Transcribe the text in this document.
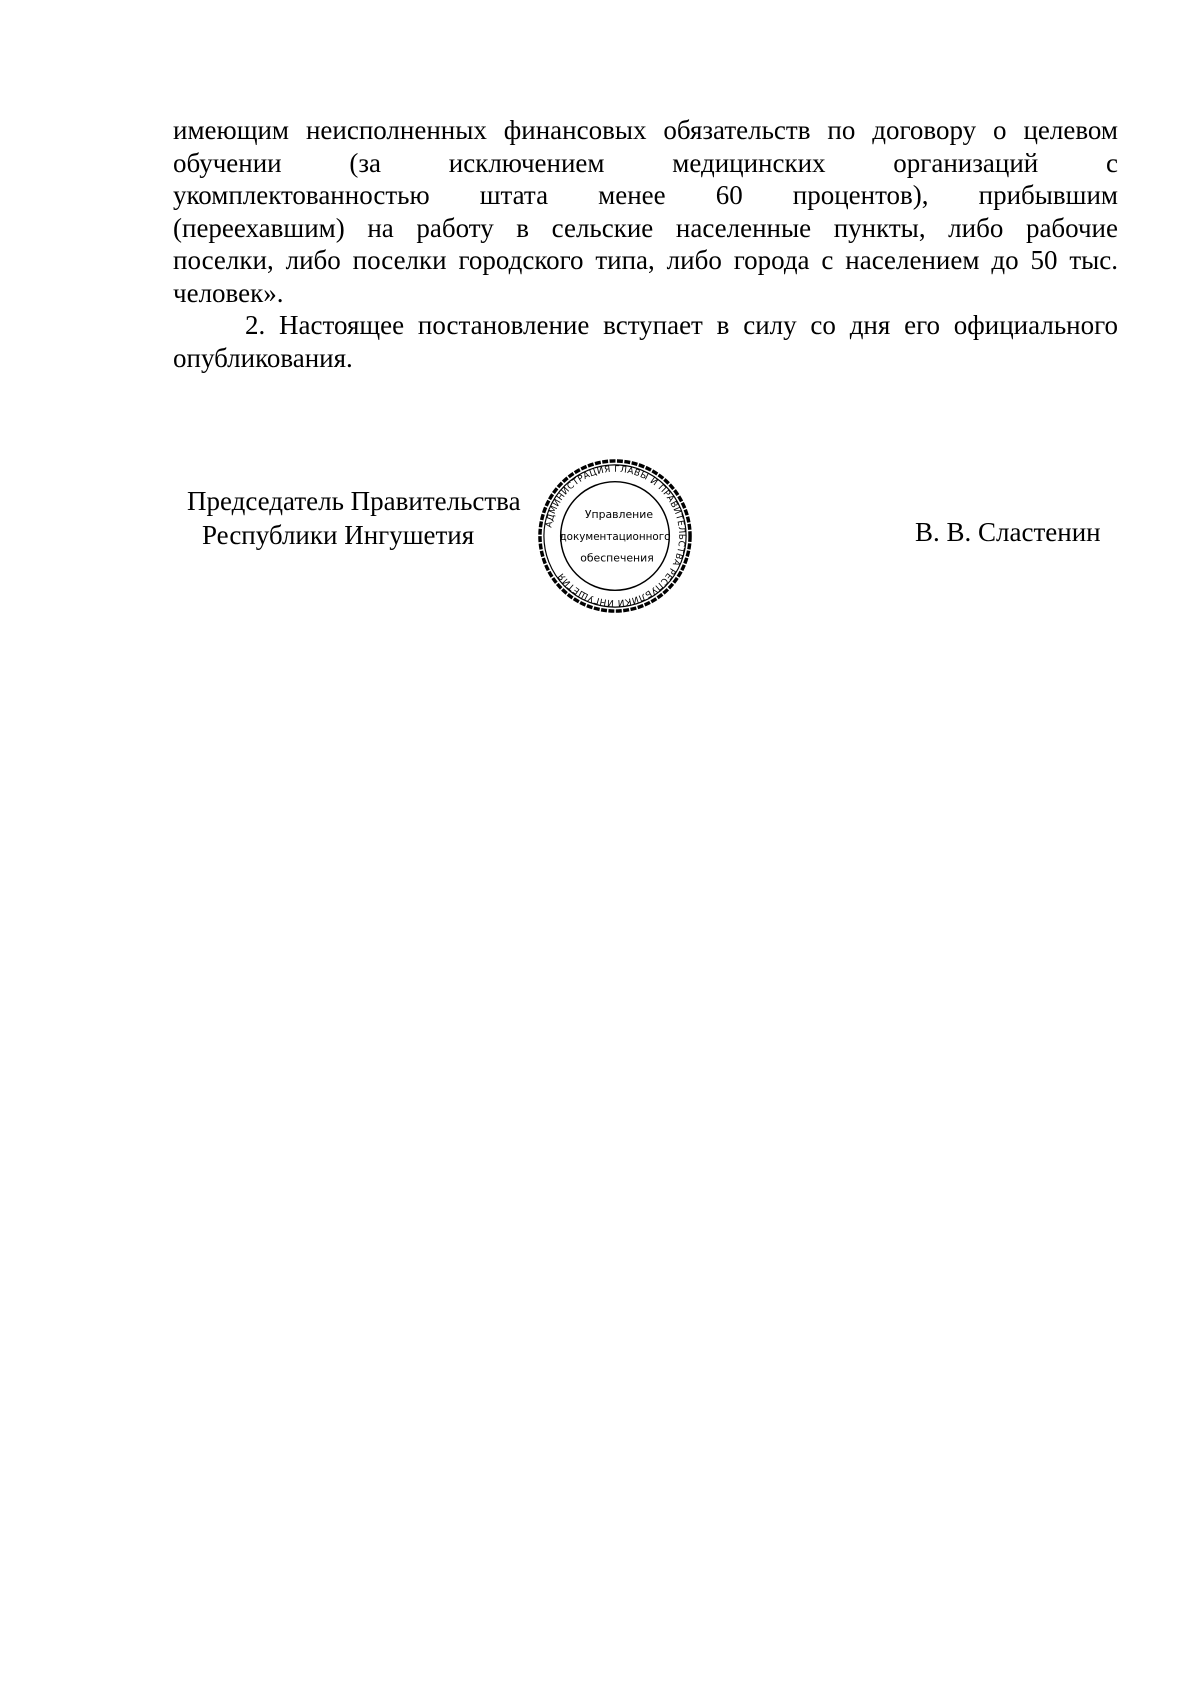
имеющим неисполненных финансовых обязательств по договору о целевом
обучении (за исключением медицинских организаций с
укомплектованностью штата менее 60 процентов), прибывшим
(переехавшим) на работу в сельские населенные пункты, либо рабочие
поселки, либо поселки городского типа, либо города с населением до 50 тыс.
человек».

2. Настоящее постановление вступает в силу со дня его официального опубликования.

Председатель Правительства
Республики Ингушетия	АДМИНИСТРАЦИЯ ГЛАВЫ И ПРАВИТЕЛЬСТВА РЕСПУБЛИКИ ИНГУШЕТИЯ
Управление
документационного
обеспечения
В. В. Сластенин
